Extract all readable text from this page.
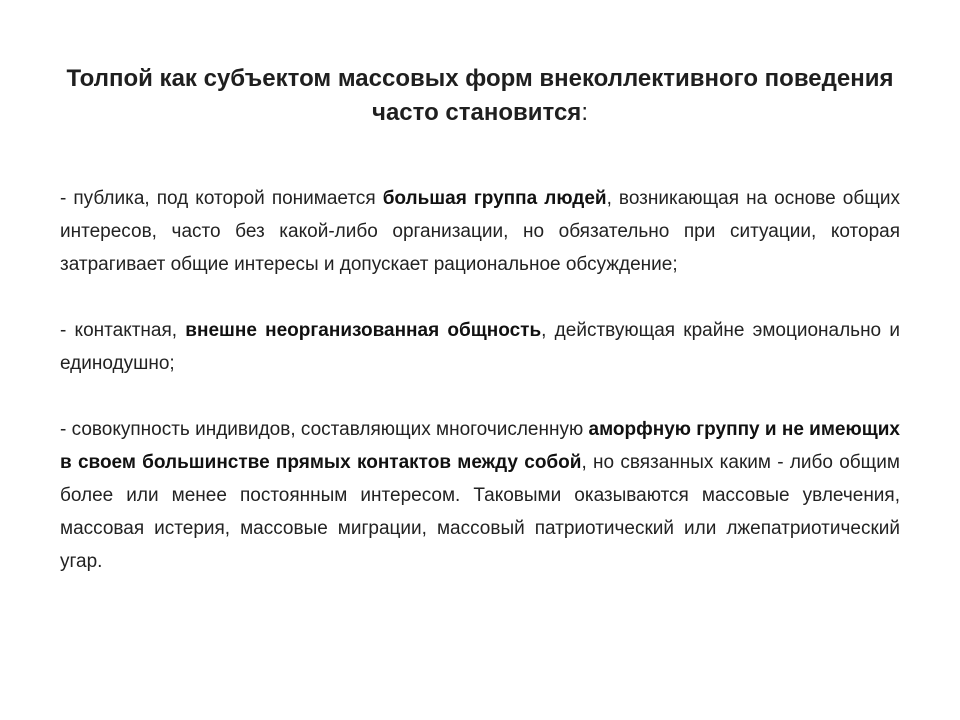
Толпой как субъектом массовых форм внеколлективного поведения часто становится:

- публика, под которой понимается большая группа людей, возникающая на основе общих интересов, часто без какой-либо организации, но обязательно при ситуации, которая затрагивает общие интересы и допускает рациональное обсуждение;

- контактная, внешне неорганизованная общность, действующая крайне эмоционально и единодушно;

- совокупность индивидов, составляющих многочисленную аморфную группу и не имеющих в своем большинстве прямых контактов между собой, но связанных каким - либо общим более или менее постоянным интересом. Таковыми оказываются массовые увлечения, массовая истерия, массовые миграции, массовый патриотический или лжепатриотический угар.
